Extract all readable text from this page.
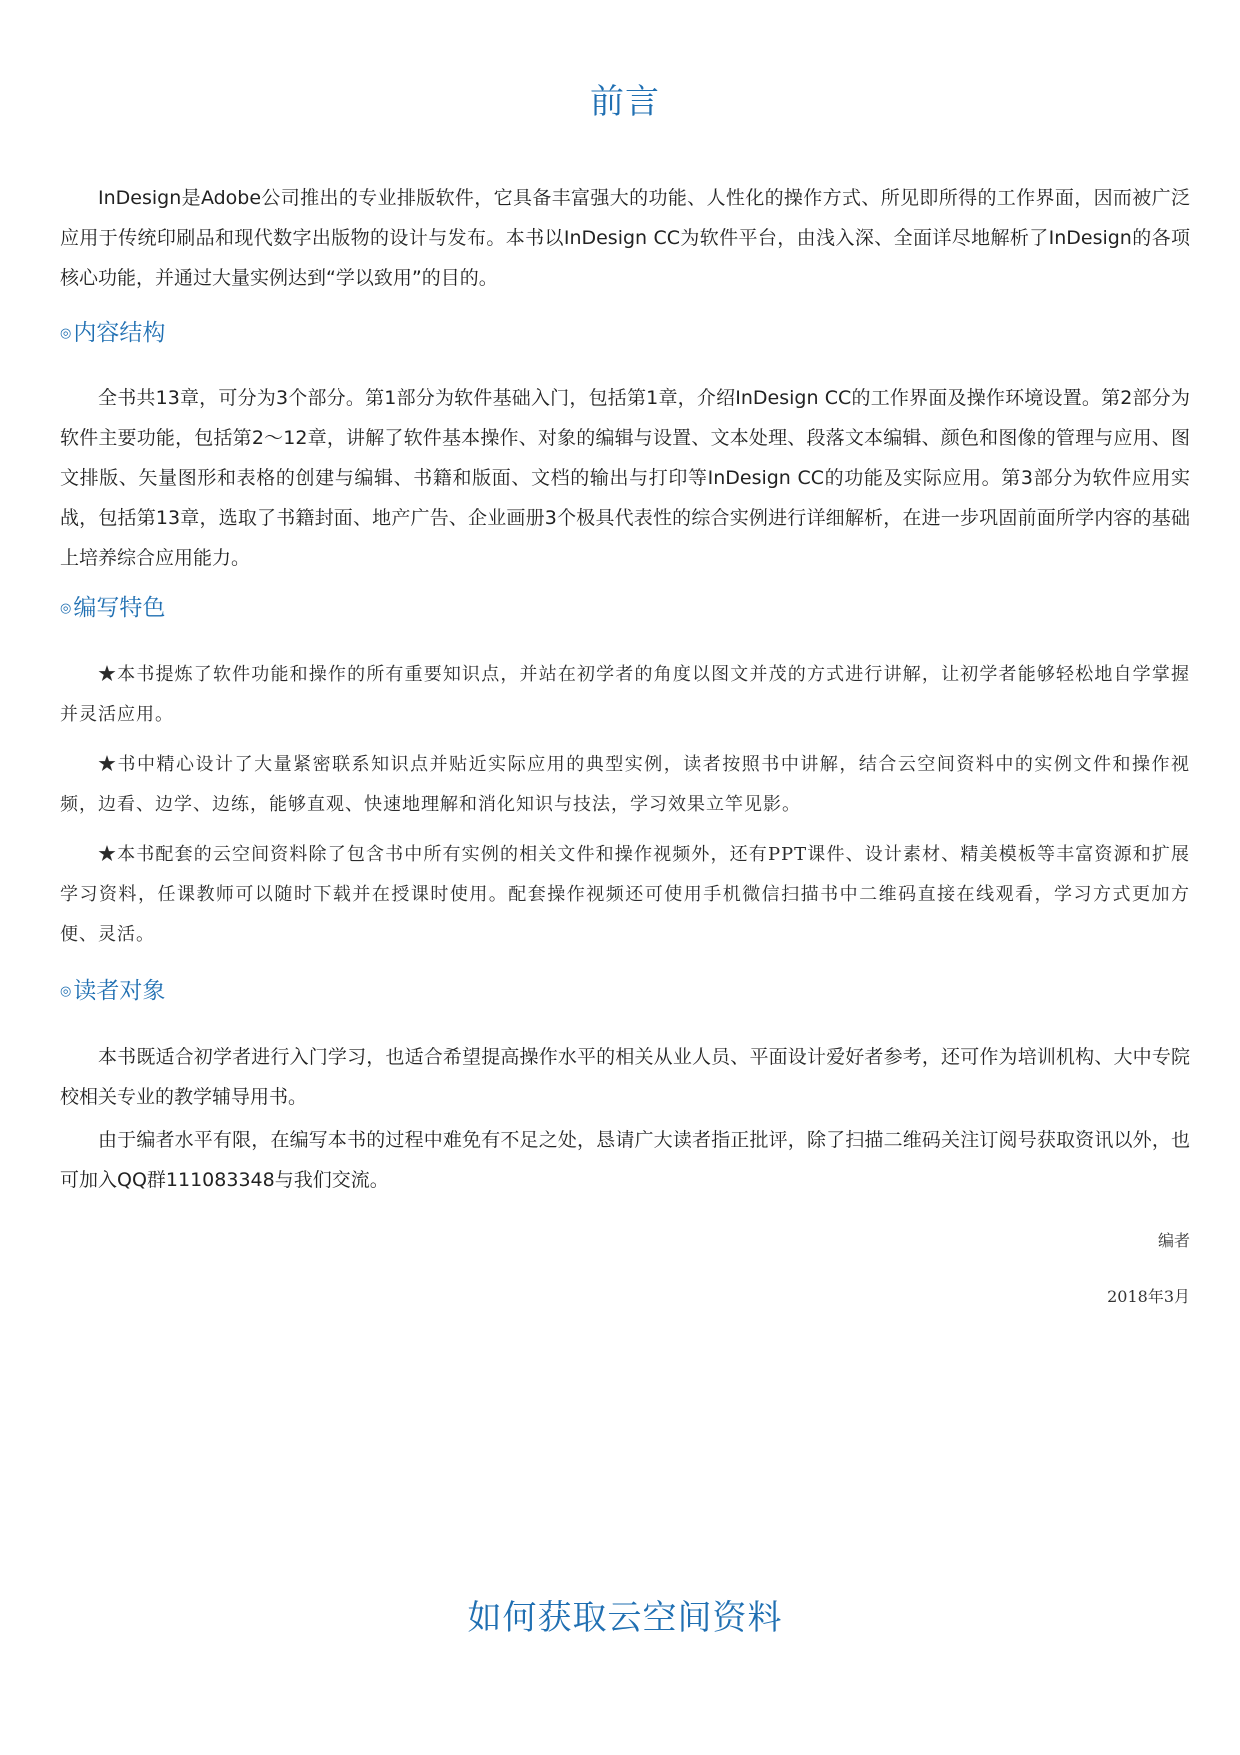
前言

InDesign是Adobe公司推出的专业排版软件，它具备丰富强大的功能、人性化的操作方式、所见即所得的工作界面，因而被广泛应用于传统印刷品和现代数字出版物的设计与发布。本书以InDesign CC为软件平台，由浅入深、全面详尽地解析了InDesign的各项核心功能，并通过大量实例达到“学以致用”的目的。

◎内容结构

全书共13章，可分为3个部分。第1部分为软件基础入门，包括第1章，介绍InDesign CC的工作界面及操作环境设置。第2部分为软件主要功能，包括第2～12章，讲解了软件基本操作、对象的编辑与设置、文本处理、段落文本编辑、颜色和图像的管理与应用、图文排版、矢量图形和表格的创建与编辑、书籍和版面、文档的输出与打印等InDesign CC的功能及实际应用。第3部分为软件应用实战，包括第13章，选取了书籍封面、地产广告、企业画册3个极具代表性的综合实例进行详细解析，在进一步巩固前面所学内容的基础上培养综合应用能力。

◎编写特色

★本书提炼了软件功能和操作的所有重要知识点，并站在初学者的角度以图文并茂的方式进行讲解，让初学者能够轻松地自学掌握并灵活应用。

★书中精心设计了大量紧密联系知识点并贴近实际应用的典型实例，读者按照书中讲解，结合云空间资料中的实例文件和操作视频，边看、边学、边练，能够直观、快速地理解和消化知识与技法，学习效果立竿见影。

★本书配套的云空间资料除了包含书中所有实例的相关文件和操作视频外，还有PPT课件、设计素材、精美模板等丰富资源和扩展学习资料，任课教师可以随时下载并在授课时使用。配套操作视频还可使用手机微信扫描书中二维码直接在线观看，学习方式更加方便、灵活。

◎读者对象

本书既适合初学者进行入门学习，也适合希望提高操作水平的相关从业人员、平面设计爱好者参考，还可作为培训机构、大中专院校相关专业的教学辅导用书。

由于编者水平有限，在编写本书的过程中难免有不足之处，恳请广大读者指正批评，除了扫描二维码关注订阅号获取资讯以外，也可加入QQ群111083348与我们交流。

编者

2018年3月

如何获取云空间资料
